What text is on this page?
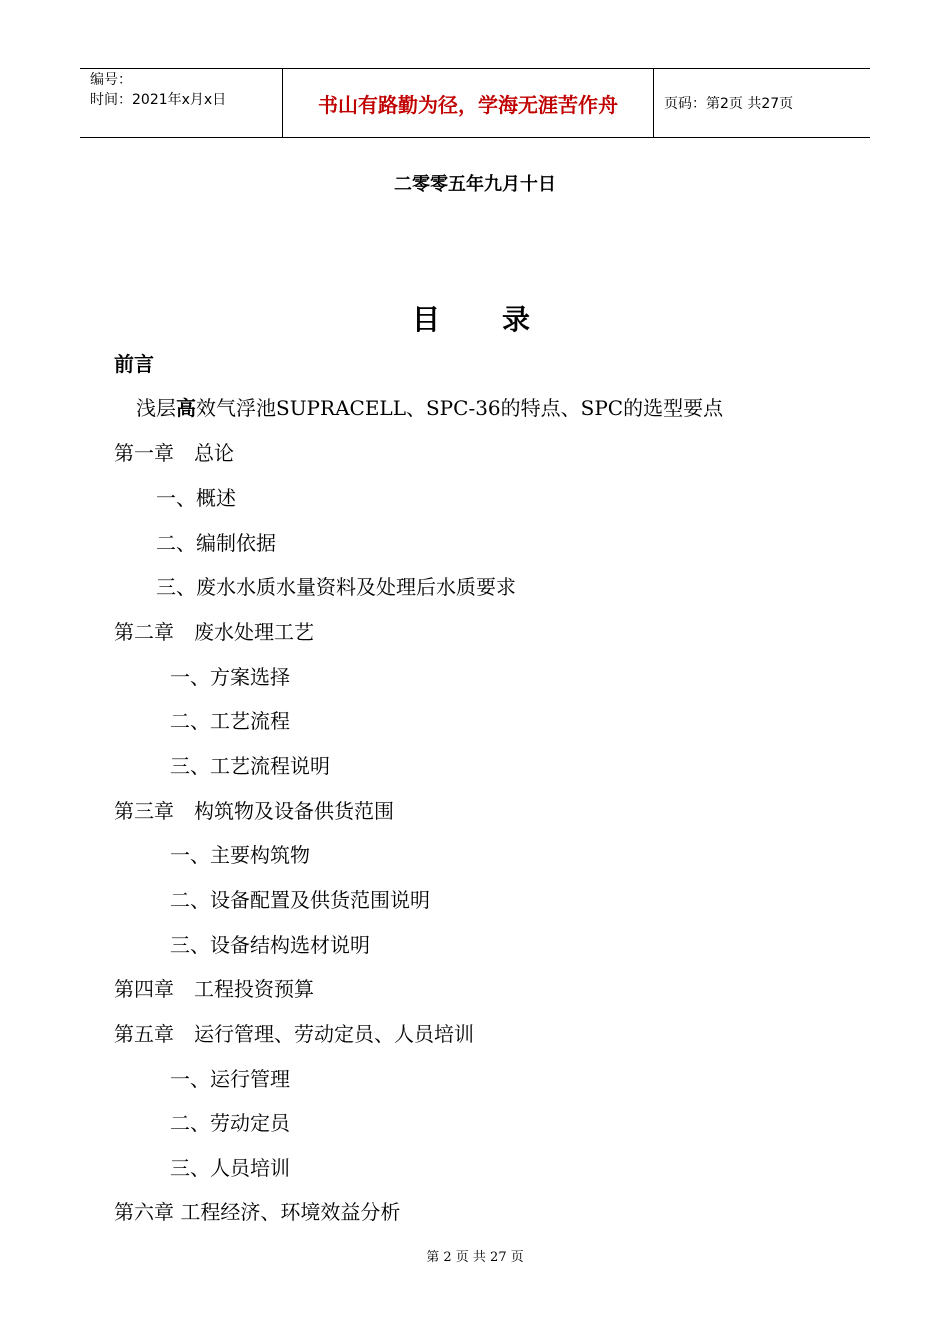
编号：
时间：2021年x月x日	书山有路勤为径，学海无涯苦作舟	页码：第2页 共27页
二零零五年九月十日
目录
前言
浅层高效气浮池SUPRACELL、SPC-36的特点、SPC的选型要点
第一章　总论
一、概述
二、编制依据
三、废水水质水量资料及处理后水质要求
第二章　废水处理工艺
一、方案选择
二、工艺流程
三、工艺流程说明
第三章　构筑物及设备供货范围
一、主要构筑物
二、设备配置及供货范围说明
三、设备结构选材说明
第四章　工程投资预算
第五章　运行管理、劳动定员、人员培训
一、运行管理
二、劳动定员
三、人员培训
第六章 工程经济、环境效益分析
第 2 页 共 27 页
